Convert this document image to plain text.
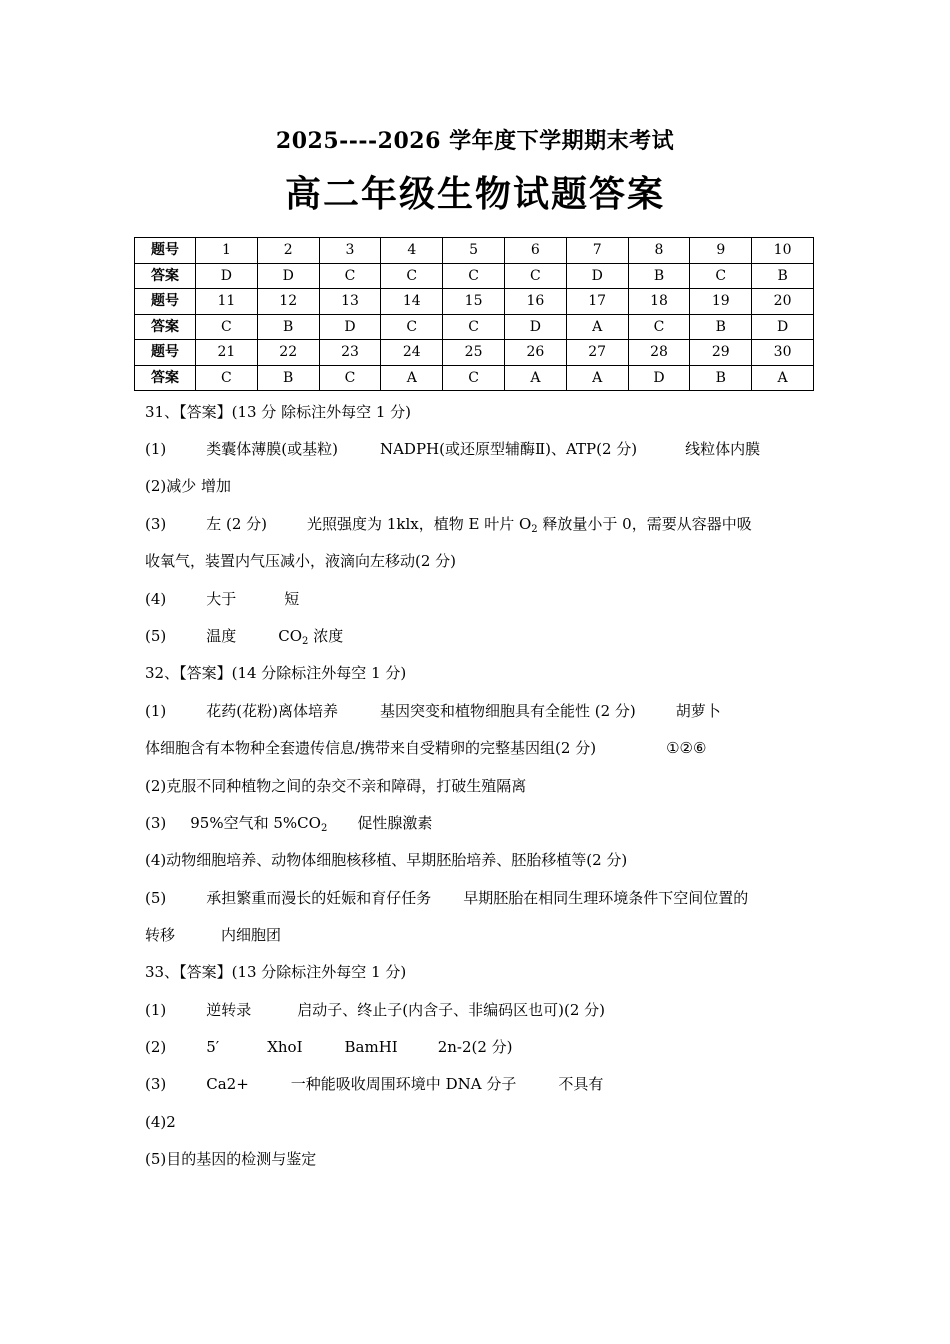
2025----2026 学年度下学期期末考试
高二年级生物试题答案
题号	1	2	3	4	5	6	7	8	9	10
答案	D	D	C	C	C	C	D	B	C	B
题号	11	12	13	14	15	16	17	18	19	20
答案	C	B	D	C	C	D	A	C	B	D
题号	21	22	23	24	25	26	27	28	29	30
答案	C	B	C	A	C	A	A	D	B	A
31、【答案】(13 分 除标注外每空 1 分)
(1)	类囊体薄膜(或基粒)	NADPH(或还原型辅酶Ⅱ)、ATP(2 分)	线粒体内膜
(2)减少 增加
(3)	左 (2 分)	光照强度为 1klx，植物 E 叶片 $O_2$ 释放量小于 0，需要从容器中吸
收氧气，装置内气压减小，液滴向左移动(2 分)
(4)	大于	短
(5)	温度	$CO_2$ 浓度
32、【答案】(14 分除标注外每空 1 分)
(1)	花药(花粉)离体培养	基因突变和植物细胞具有全能性 (2 分)	胡萝卜
体细胞含有本物种全套遗传信息/携带来自受精卵的完整基因组(2 分)	①②⑥
(2)克服不同种植物之间的杂交不亲和障碍，打破生殖隔离
(3) 95%空气和 $5\%CO_2$ 促性腺激素
(4)动物细胞培养、动物体细胞核移植、早期胚胎培养、胚胎移植等(2 分)
(5)	承担繁重而漫长的妊娠和育仔任务 早期胚胎在相同生理环境条件下空间位置的
转移	内细胞团
33、【答案】(13 分除标注外每空 1 分)
(1)	逆转录	启动子、终止子(内含子、非编码区也可)(2 分)
(2)	5′	XhoI	BamHI	2n-2(2 分)
(3)	Ca2+	一种能吸收周围环境中 DNA 分子	不具有
(4)2
(5)目的基因的检测与鉴定
